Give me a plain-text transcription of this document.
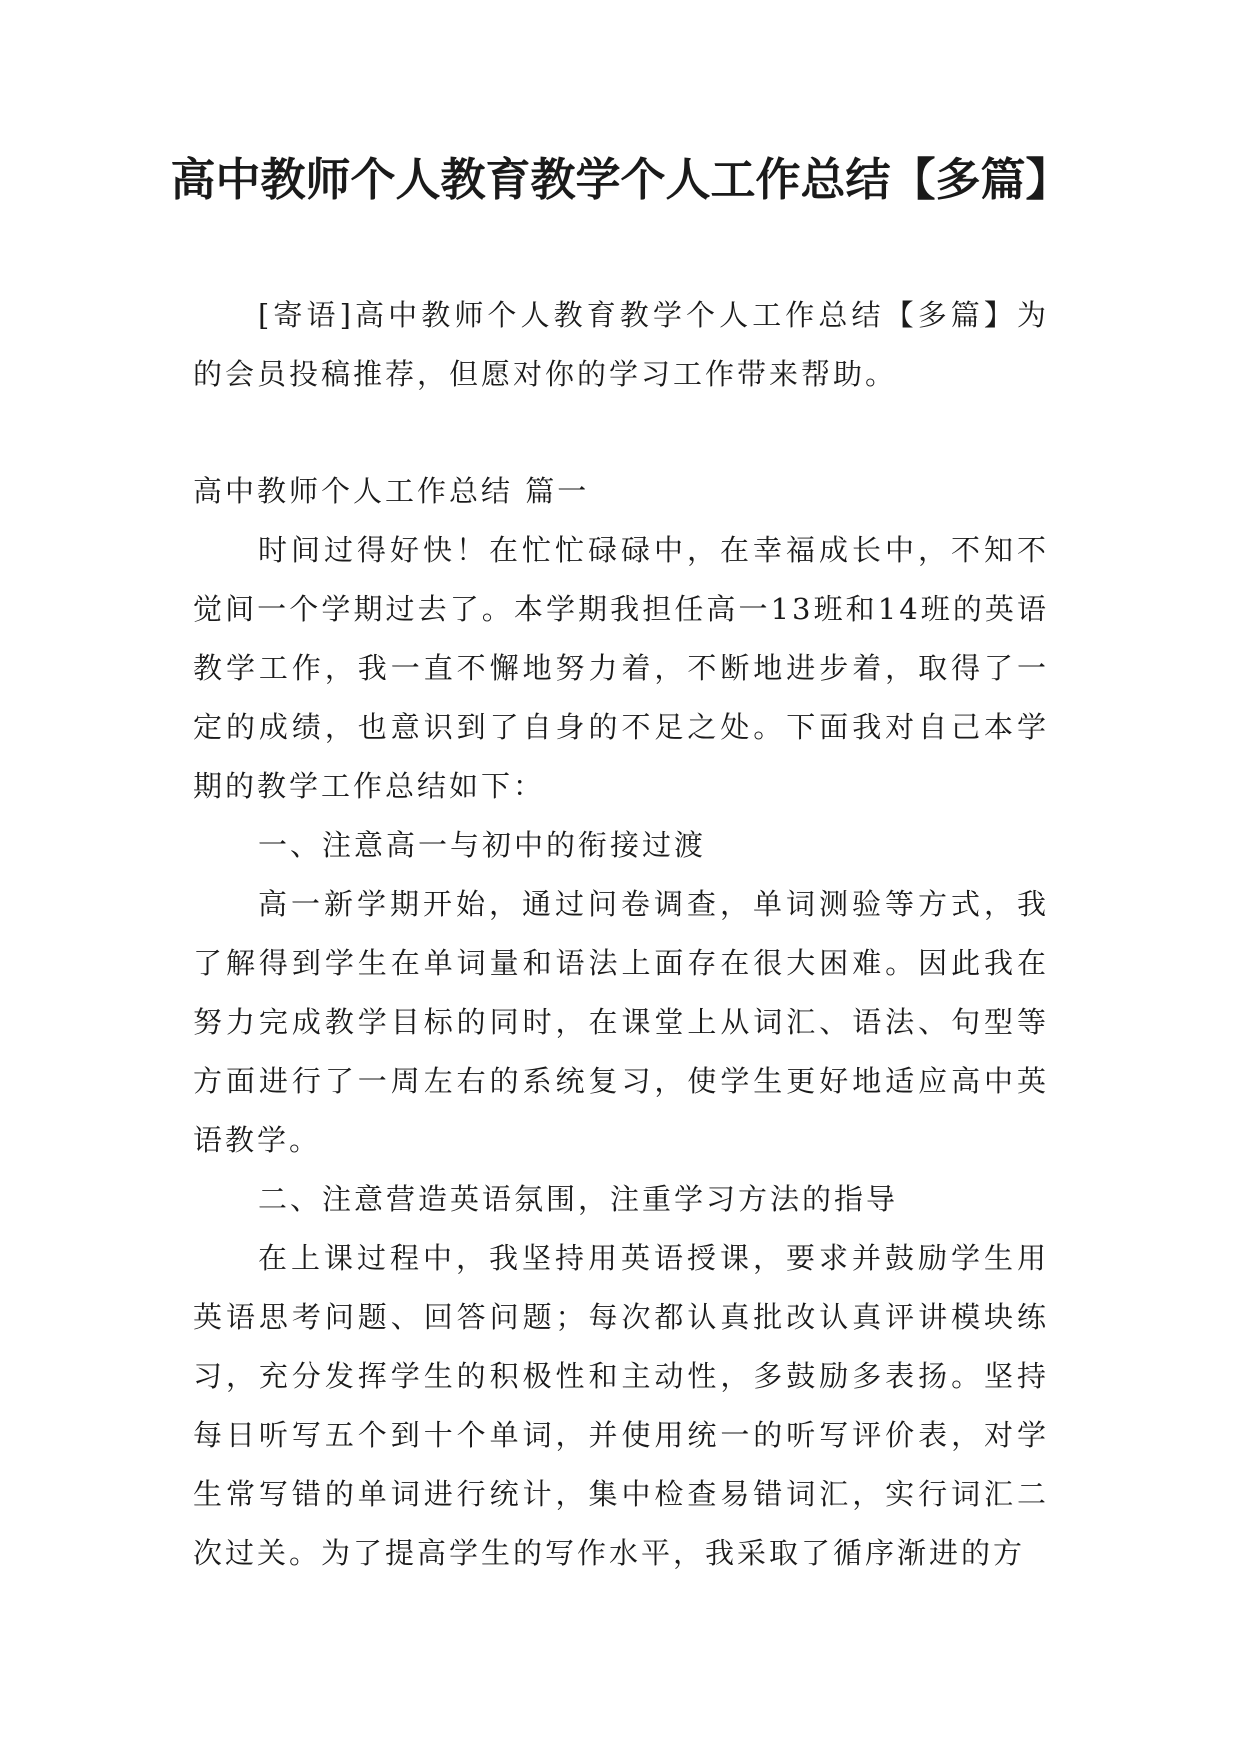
高中教师个人教育教学个人工作总结【多篇】

[寄语]高中教师个人教育教学个人工作总结【多篇】为的会员投稿推荐，但愿对你的学习工作带来帮助。

高中教师个人工作总结 篇一

时间过得好快！在忙忙碌碌中，在幸福成长中，不知不觉间一个学期过去了。本学期我担任高一13班和14班的英语教学工作，我一直不懈地努力着，不断地进步着，取得了一定的成绩，也意识到了自身的不足之处。下面我对自己本学期的教学工作总结如下：

一、注意高一与初中的衔接过渡

高一新学期开始，通过问卷调查，单词测验等方式，我了解得到学生在单词量和语法上面存在很大困难。因此我在努力完成教学目标的同时，在课堂上从词汇、语法、句型等方面进行了一周左右的系统复习，使学生更好地适应高中英语教学。

二、注意营造英语氛围，注重学习方法的指导

在上课过程中，我坚持用英语授课，要求并鼓励学生用英语思考问题、回答问题；每次都认真批改认真评讲模块练习，充分发挥学生的积极性和主动性，多鼓励多表扬。坚持每日听写五个到十个单词，并使用统一的听写评价表，对学生常写错的单词进行统计，集中检查易错词汇，实行词汇二次过关。为了提高学生的写作水平，我采取了循序渐进的方
